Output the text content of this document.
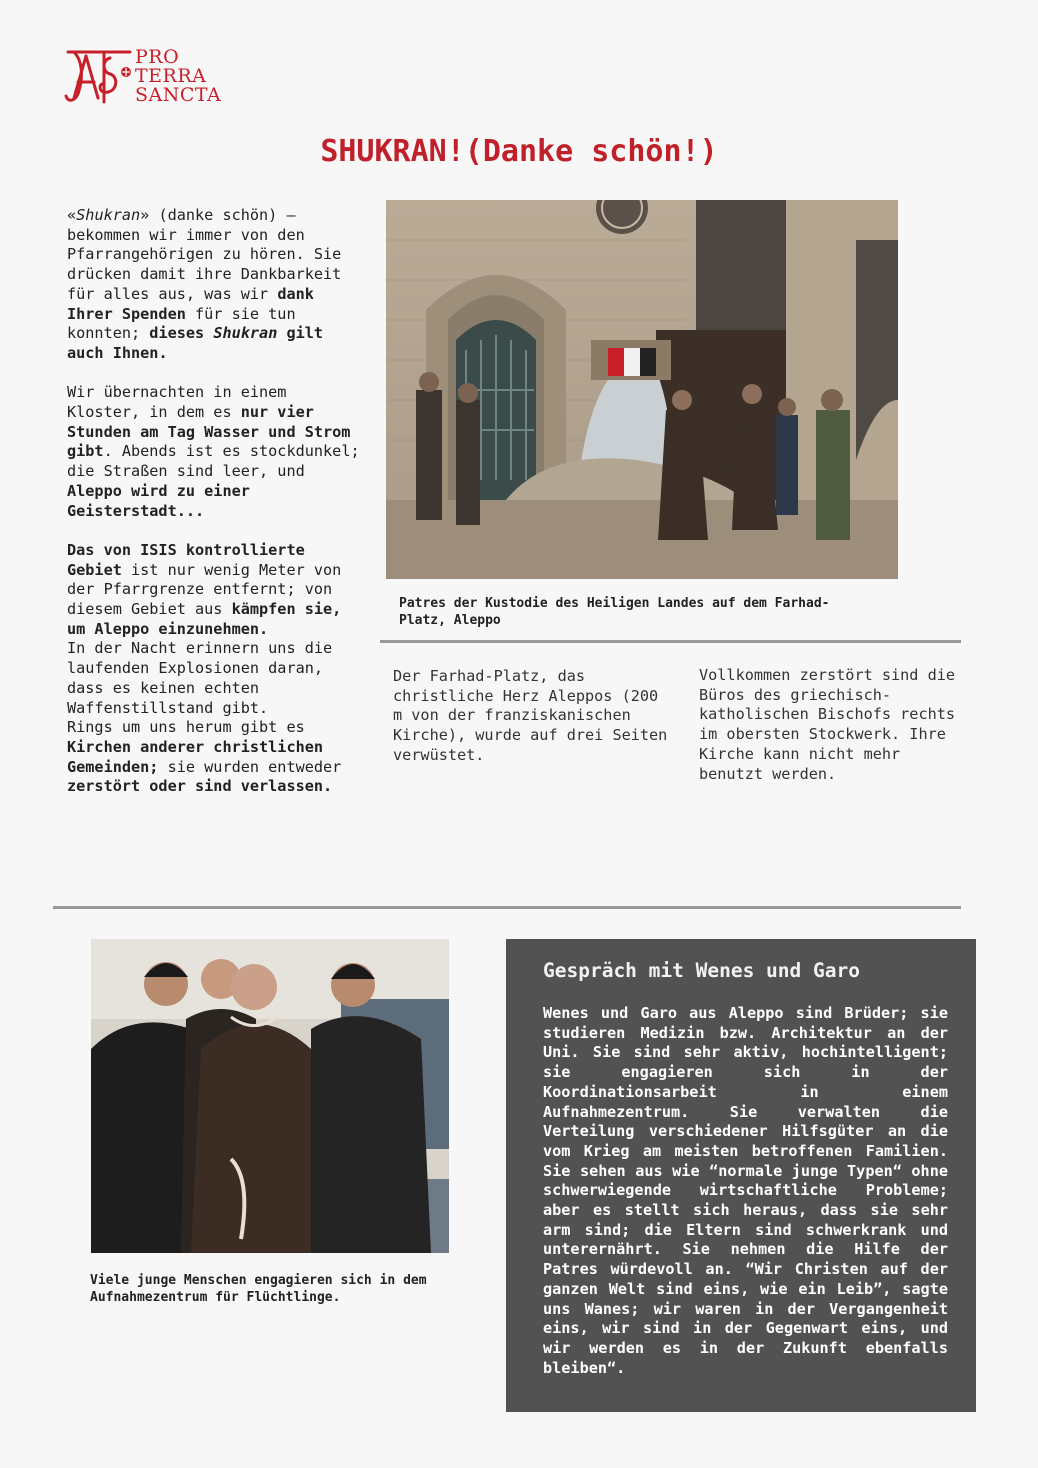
PRO
TERRA
SANCTA
SHUKRAN!(Danke schön!)

«Shukran» (danke schön) – bekommen wir immer von den Pfarrangehörigen zu hören. Sie drücken damit ihre Dankbarkeit für alles aus, was wir dank Ihrer Spenden für sie tun konnten; dieses Shukran gilt auch Ihnen.

Wir übernachten in einem Kloster, in dem es nur vier Stunden am Tag Wasser und Strom gibt. Abends ist es stockdunkel; die Straßen sind leer, und Aleppo wird zu einer Geisterstadt...

Das von ISIS kontrollierte Gebiet ist nur wenig Meter von der Pfarrgrenze entfernt; von diesem Gebiet aus kämpfen sie, um Aleppo einzunehmen.

In der Nacht erinnern uns die laufenden Explosionen daran, dass es keinen echten Waffenstillstand gibt.

Rings um uns herum gibt es Kirchen anderer christlichen Gemeinden; sie wurden entweder zerstört oder sind verlassen.

Patres der Kustodie des Heiligen Landes auf dem Farhad-Platz, Aleppo
Der Farhad-Platz, das christliche Herz Aleppos (200 m von der franziskanischen Kirche), wurde auf drei Seiten verwüstet.
Vollkommen zerstört sind die Büros des griechisch-katholischen Bischofs rechts im obersten Stockwerk. Ihre Kirche kann nicht mehr benutzt werden.
Viele junge Menschen engagieren sich in dem Aufnahmezentrum für Flüchtlinge.
Gespräch mit Wenes und Garo
Wenes und Garo aus Aleppo sind Brüder; sie studieren Medizin bzw. Architektur an der Uni. Sie sind sehr aktiv, hochintelligent; sie engagieren sich in der Koordinationsarbeit in einem Aufnahmezentrum. Sie verwalten die Verteilung verschiedener Hilfsgüter an die vom Krieg am meisten betroffenen Familien. Sie sehen aus wie “normale junge Typen“ ohne schwerwiegende wirtschaftliche Probleme; aber es stellt sich heraus, dass sie sehr arm sind; die Eltern sind schwerkrank und unterernährt. Sie nehmen die Hilfe der Patres würdevoll an. “Wir Christen auf der ganzen Welt sind eins, wie ein Leib”, sagte uns Wanes; wir waren in der Vergangenheit eins, wir sind in der Gegenwart eins, und wir werden es in der Zukunft ebenfalls bleiben“.
